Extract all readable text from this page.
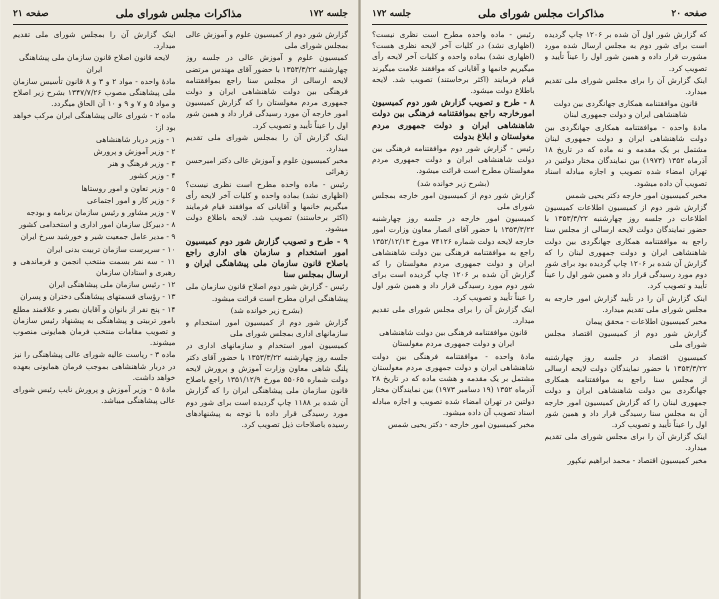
صفحه ۲۰
مذاکرات مجلس شورای ملی
جلسه ۱۷۲

که گزارش شور اول آن شده بر ۱۲۰۶ چاپ گردیده است برای شور دوم به مجلس ارسال شده مورد مشورت قرار داده و همین شور اول را عیناً تأیید و تصویب کرد.

اینک گزارش آن را برای مجلس شورای ملی تقدیم میدارد.

قانون موافقتنامه همکاری جهانگردی بین دولت شاهنشاهی ایران و دولت جمهوری لبنان

مادهٔ واحده - موافقتنامه همکاری جهانگردی بین دولت شاهنشاهی ایران و دولت جمهوری لبنان مشتمل بر یک مقدمه و نه ماده که در تاریخ ۱۸ آذرماه ۱۳۵۲ (۱۹۷۳) بین نمایندگان مختار دولتین در تهران امضاء شده تصویب و اجازه مبادله اسناد تصویب آن داده میشود.

مخبر کمیسیون امور خارجه دکتر یحیی شمس

گزارش شور دوم از کمیسیون اطلاعات کمیسیون اطلاعات در جلسه روز چهارشنبه ۱۳۵۳/۳/۲۲ با حضور نمایندگان دولت لایحه ارسالی از مجلس سنا راجع به موافقتنامه همکاری جهانگردی بین دولت شاهنشاهی ایران و دولت جمهوری لبنان را که گزارش آن شده بر ۱۲۰۶ چاپ گردیده بود برای شور دوم مورد رسیدگی قرار داد و همین شور اول را عیناً تأیید و تصویب کرد.

اینک گزارش آن را در تأیید گزارش امور خارجه به مجلس شورای ملی تقدیم میدارد.

مخبر کمیسیون اطلاعات - محقق پیمان

گزارش شور دوم از کمیسیون اقتصاد مجلس شورای ملی

کمیسیون اقتصاد در جلسه روز چهارشنبه ۱۳۵۳/۳/۲۲ با حضور نمایندگان دولت لایحه ارسالی از مجلس سنا راجع به موافقتنامه همکاری جهانگردی بین دولت شاهنشاهی ایران و دولت جمهوری لبنان را که گزارش کمیسیون امور خارجه آن به مجلس سنا رسیدگی قرار داد و همین شور اول را عیناً تأیید و تصویب کرد.

اینک گزارش آن را برای مجلس شورای ملی تقدیم میدارد.

مخبر کمیسیون اقتصاد - محمد ابراهیم نیکپور

رئیس - ماده واحده مطرح است نظری نیست؟ (اظهاری نشد) در کلیات آخر لایحه نظری هست؟ (اظهاری نشد) بماده واحده و کلیات آخر لایحه رأی میگیریم خانمها و آقایانی که موافقند علامت میگیرند قیام فرمایند (اکثر برخاستند) تصویب شد. لایحه باطلاع دولت میشود.

۸ - طرح و تصویب گزارش شور دوم کمیسیون امورخارجه راجع بموافقتنامه فرهنگی بین دولت شاهنشاهی ایران و دولت جمهوری مردم مغولستان و ابلاغ بدولت

رئیس - گزارش شور دوم موافقتنامه فرهنگی بین دولت شاهنشاهی ایران و دولت جمهوری مردم مغولستان مطرح است قرائت میشود.

(بشرح زیر خوانده شد)

گزارش شور دوم از کمیسیون امور خارجه بمجلس شورای ملی

کمیسیون امور خارجه در جلسه روز چهارشنبه ۱۳۵۳/۳/۲۲ با حضور آقای انصار معاون وزارت امور خارجه لایحه دولت شماره ۷۴۱۲۶ مورخ ۱۳۵۲/۱۲/۱۳ راجع به موافقتنامه فرهنگی بین دولت شاهنشاهی ایران و دولت جمهوری مردم مغولستان را که گزارش آن شده بر ۱۲۰۶ چاپ گردیده است برای شور دوم مورد رسیدگی قرار داد و همین شور اول را عیناً تأیید و تصویب کرد.

اینک گزارش آن را برای مجلس شورای ملی تقدیم میدارد.

قانون موافقتنامه فرهنگی بین دولت شاهنشاهی ایران و دولت جمهوری مردم مغولستان

مادهٔ واحده - موافقتنامه فرهنگی بین دولت شاهنشاهی ایران و دولت جمهوری مردم مغولستان مشتمل بر یک مقدمه و هشت ماده که در تاریخ ۲۸ آذرماه ۱۳۵۲ (۱۹ دسامبر ۱۹۷۳) بین نمایندگان مختار دولتین در تهران امضاء شده تصویب و اجازه مبادله اسناد تصویب آن داده میشود.

مخبر کمیسیون امور خارجه - دکتر یحیی شمس

جلسه ۱۷۲
مذاکرات مجلس شورای ملی
صفحه ۲۱

گزارش شور دوم از کمیسیون علوم و آموزش عالی بمجلس شورای ملی

کمیسیون علوم و آموزش عالی در جلسه روز چهارشنبه ۱۳۵۳/۳/۲۲ با حضور آقای مهندس مرتضی لایحه ارسالی از مجلس سنا راجع بموافقتنامه فرهنگی بین دولت شاهنشاهی ایران و دولت جمهوری مردم مغولستان را که گزارش کمیسیون امور خارجه آن مورد رسیدگی قرار داد و همین شور اول را عیناً تأیید و تصویب کرد.

اینک گزارش آن را بمجلس شورای ملی تقدیم میدارد.

مخبر کمیسیون علوم و آموزش عالی دکتر امیرحسن زهرائی

رئیس - ماده واحده مطرح است نظری نیست؟ (اظهاری نشد) بماده واحده و کلیات آخر لایحه رأی میگیریم خانمها و آقایانی که موافقند قیام فرمایند (اکثر برخاستند) تصویب شد. لایحه باطلاع دولت میشود.

۹ - طرح و تصویب گزارش شور دوم کمیسیون امور استخدام و سازمان های اداری راجع باصلاح قانون سازمان ملی پیشاهنگی ایران و ارسال بمجلس سنا

رئیس - گزارش شور دوم اصلاح قانون سازمان ملی پیشاهنگی ایران مطرح است قرائت میشود.

(بشرح زیر خوانده شد)

گزارش شور دوم از کمیسیون امور استخدام و سازمانهای اداری بمجلس شورای ملی

کمیسیون امور استخدام و سازمانهای اداری در جلسه روز چهارشنبه ۱۳۵۳/۳/۲۲ با حضور آقای دکتر پلنگ شاهی معاون وزارت آموزش و پرورش لایحه دولت شماره ۵۵۰۶۵ مورخ ۱۳۵۱/۱۲/۹ راجع باصلاح قانون سازمان ملی پیشاهنگی ایران را که گزارش آن شده بر ۱۱۸۸ چاپ گردیده است برای شور دوم مورد رسیدگی قرار داده با توجه به پیشنهادهای رسیده باصلاحات ذیل تصویب کرد.

اینک گزارش آن را بمجلس شورای ملی تقدیم میدارد.

لایحه قانون اصلاح قانون سازمان ملی پیشاهنگی ایران

مادهٔ واحده - مواد ۲ و ۳ و ۸ قانون تأسیس سازمان ملی پیشاهنگی مصوب ۱۳۴۷/۷/۲۶ بشرح زیر اصلاح و مواد ۵ و ۷ و ۹ و ۱۰ آن الحاق میگردد.

ماده ۲ - شورای عالی پیشاهنگی ایران مرکب خواهد بود از:

۱ - وزیر دربار شاهنشاهی

۲ - وزیر آموزش و پرورش

۳ - وزیر فرهنگ و هنر

۴ - وزیر کشور

۵ - وزیر تعاون و امور روستاها

۶ - وزیر کار و امور اجتماعی

۷ - وزیر مشاور و رئیس سازمان برنامه و بودجه

۸ - دبیرکل سازمان امور اداری و استخدامی کشور

۹ - مدیر عامل جمعیت شیر و خورشید سرخ ایران

۱۰ - سرپرست سازمان تربیت بدنی ایران

۱۱ - سه نفر بسمت منتخب انجمن و فرماندهی و رهبری و استادان سازمان

۱۲ - رئیس سازمان ملی پیشاهنگی ایران

۱۳ - رؤسای قسمتهای پیشاهنگی دختران و پسران

۱۴ - پنج نفر از بانوان و آقایان بصیر و علاقمند مطلع بامور تربیتی و پیشاهنگی به پیشنهاد رئیس سازمان و تصویب مقامات منتخب فرمان همایونی منصوب میشوند.

ماده ۳ - ریاست عالیه شورای عالی پیشاهنگی را نیز در دربار شاهنشاهی بموجب فرمان همایونی بعهده خواهد داشت.

مادهٔ ۵ - وزیر آموزش و پرورش نایب رئیس شورای عالی پیشاهنگی میباشد.
